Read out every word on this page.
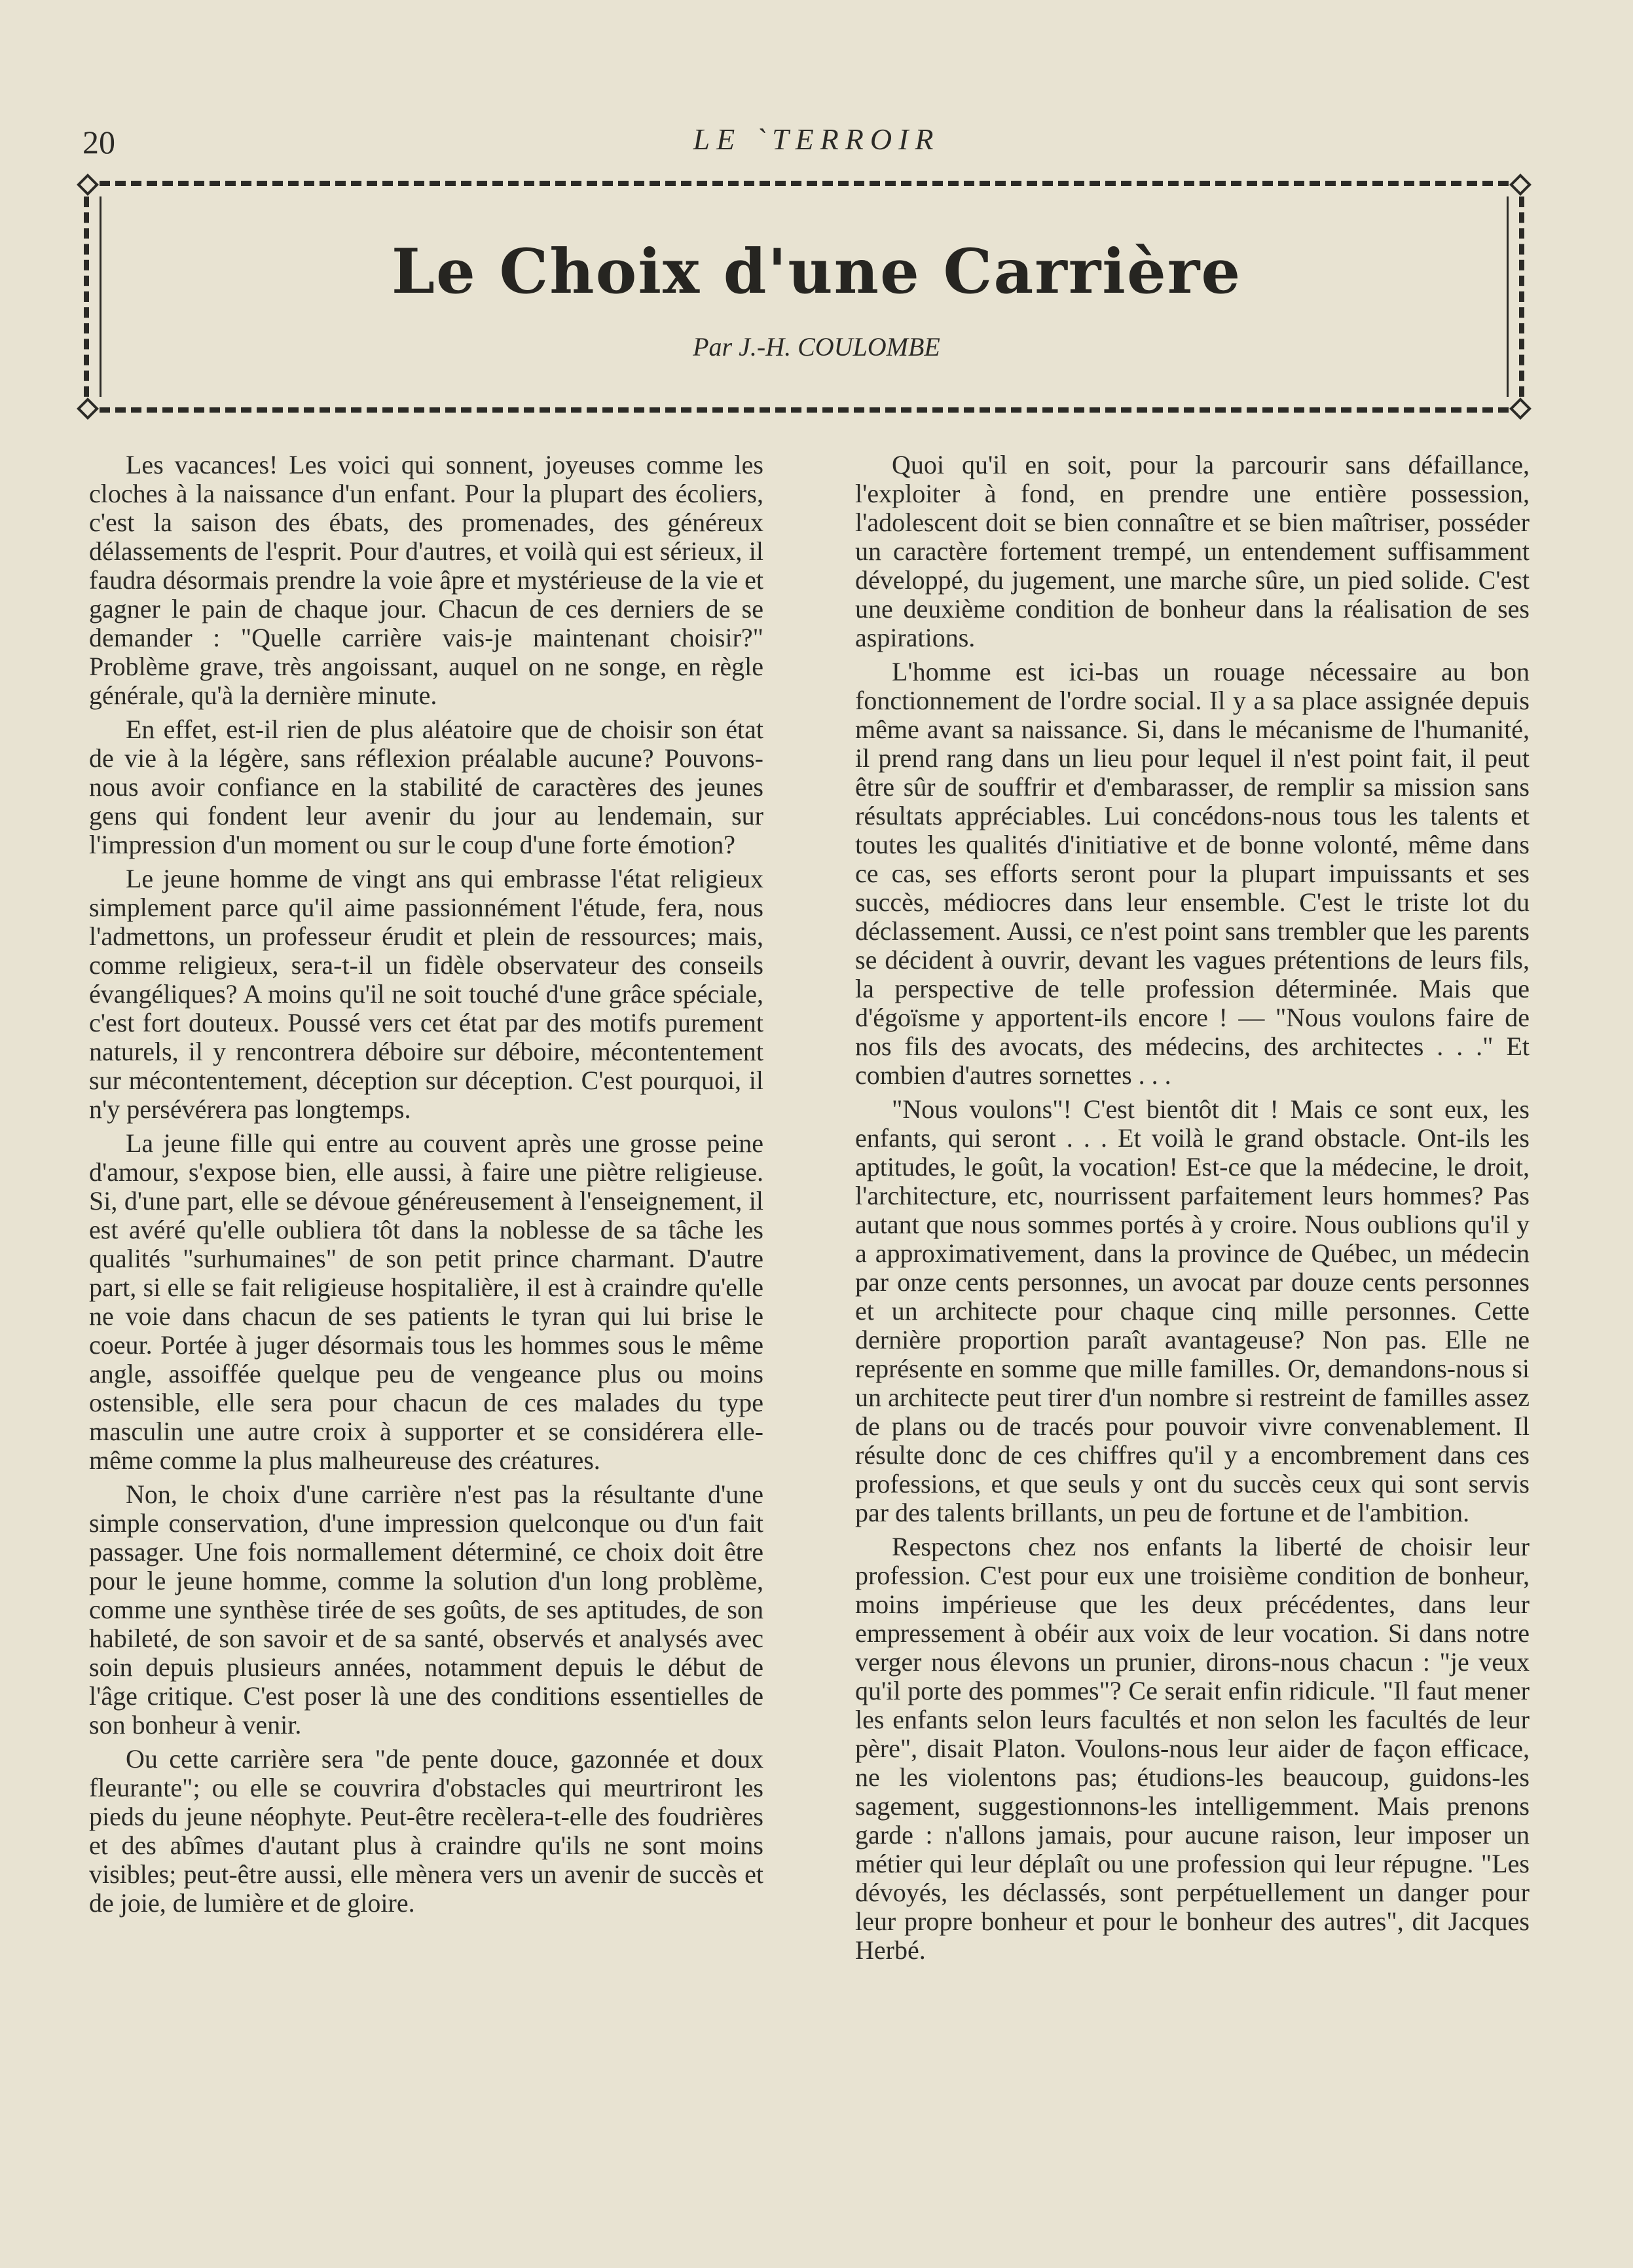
20	LE `TERROIR
Le Choix d'une Carrière
Par J.-H. COULOMBE

Les vacances! Les voici qui sonnent, joyeuses comme les cloches à la naissance d'un enfant. Pour la plupart des écoliers, c'est la saison des ébats, des promenades, des généreux délassements de l'esprit. Pour d'autres, et voilà qui est sérieux, il faudra désormais prendre la voie âpre et mystérieuse de la vie et gagner le pain de chaque jour. Chacun de ces derniers de se demander : "Quelle carrière vais-je maintenant choisir?" Problème grave, très angoissant, auquel on ne songe, en règle générale, qu'à la dernière minute.

En effet, est-il rien de plus aléatoire que de choisir son état de vie à la légère, sans réflexion préalable aucune? Pouvons-nous avoir confiance en la stabilité de caractères des jeunes gens qui fondent leur avenir du jour au lendemain, sur l'impression d'un moment ou sur le coup d'une forte émotion?

Le jeune homme de vingt ans qui embrasse l'état religieux simplement parce qu'il aime passionnément l'étude, fera, nous l'admettons, un professeur érudit et plein de ressources; mais, comme religieux, sera-t-il un fidèle observateur des conseils évangéliques? A moins qu'il ne soit touché d'une grâce spéciale, c'est fort douteux. Poussé vers cet état par des motifs purement naturels, il y rencontrera déboire sur déboire, mécontentement sur mécontentement, déception sur déception. C'est pourquoi, il n'y persévérera pas longtemps.

La jeune fille qui entre au couvent après une grosse peine d'amour, s'expose bien, elle aussi, à faire une piètre religieuse. Si, d'une part, elle se dévoue généreusement à l'enseignement, il est avéré qu'elle oubliera tôt dans la noblesse de sa tâche les qualités "surhumaines" de son petit prince charmant. D'autre part, si elle se fait religieuse hospitalière, il est à craindre qu'elle ne voie dans chacun de ses patients le tyran qui lui brise le coeur. Portée à juger désormais tous les hommes sous le même angle, assoiffée quelque peu de vengeance plus ou moins ostensible, elle sera pour chacun de ces malades du type masculin une autre croix à supporter et se considérera elle-même comme la plus malheureuse des créatures.

Non, le choix d'une carrière n'est pas la résultante d'une simple conservation, d'une impression quelconque ou d'un fait passager. Une fois normallement déterminé, ce choix doit être pour le jeune homme, comme la solution d'un long problème, comme une synthèse tirée de ses goûts, de ses aptitudes, de son habileté, de son savoir et de sa santé, observés et analysés avec soin depuis plusieurs années, notamment depuis le début de l'âge critique. C'est poser là une des conditions essentielles de son bonheur à venir.

Ou cette carrière sera "de pente douce, gazonnée et doux fleurante"; ou elle se couvrira d'obstacles qui meurtriront les pieds du jeune néophyte. Peut-être recèlera-t-elle des foudrières et des abîmes d'autant plus à craindre qu'ils ne sont moins visibles; peut-être aussi, elle mènera vers un avenir de succès et de joie, de lumière et de gloire.

Quoi qu'il en soit, pour la parcourir sans défaillance, l'exploiter à fond, en prendre une entière possession, l'adolescent doit se bien connaître et se bien maîtriser, posséder un caractère fortement trempé, un entendement suffisamment développé, du jugement, une marche sûre, un pied solide. C'est une deuxième condition de bonheur dans la réalisation de ses aspirations.

L'homme est ici-bas un rouage nécessaire au bon fonctionnement de l'ordre social. Il y a sa place assignée depuis même avant sa naissance. Si, dans le mécanisme de l'humanité, il prend rang dans un lieu pour lequel il n'est point fait, il peut être sûr de souffrir et d'embarasser, de remplir sa mission sans résultats appréciables. Lui concédons-nous tous les talents et toutes les qualités d'initiative et de bonne volonté, même dans ce cas, ses efforts seront pour la plupart impuissants et ses succès, médiocres dans leur ensemble. C'est le triste lot du déclassement. Aussi, ce n'est point sans trembler que les parents se décident à ouvrir, devant les vagues prétentions de leurs fils, la perspective de telle profession déterminée. Mais que d'égoïsme y apportent-ils encore ! — "Nous voulons faire de nos fils des avocats, des médecins, des architectes . . ." Et combien d'autres sornettes . . .

"Nous voulons"! C'est bientôt dit ! Mais ce sont eux, les enfants, qui seront . . . Et voilà le grand obstacle. Ont-ils les aptitudes, le goût, la vocation! Est-ce que la médecine, le droit, l'architecture, etc, nourrissent parfaitement leurs hommes? Pas autant que nous sommes portés à y croire. Nous oublions qu'il y a approximativement, dans la province de Québec, un médecin par onze cents personnes, un avocat par douze cents personnes et un architecte pour chaque cinq mille personnes. Cette dernière proportion paraît avantageuse? Non pas. Elle ne représente en somme que mille familles. Or, demandons-nous si un architecte peut tirer d'un nombre si restreint de familles assez de plans ou de tracés pour pouvoir vivre convenablement. Il résulte donc de ces chiffres qu'il y a encombrement dans ces professions, et que seuls y ont du succès ceux qui sont servis par des talents brillants, un peu de fortune et de l'ambition.

Respectons chez nos enfants la liberté de choisir leur profession. C'est pour eux une troisième condition de bonheur, moins impérieuse que les deux précédentes, dans leur empressement à obéir aux voix de leur vocation. Si dans notre verger nous élevons un prunier, dirons-nous chacun : "je veux qu'il porte des pommes"? Ce serait enfin ridicule. "Il faut mener les enfants selon leurs facultés et non selon les facultés de leur père", disait Platon. Voulons-nous leur aider de façon efficace, ne les violentons pas; étudions-les beaucoup, guidons-les sagement, suggestionnons-les intelligemment. Mais prenons garde : n'allons jamais, pour aucune raison, leur imposer un métier qui leur déplaît ou une profession qui leur répugne. "Les dévoyés, les déclassés, sont perpétuellement un danger pour leur propre bonheur et pour le bonheur des autres", dit Jacques Herbé.
